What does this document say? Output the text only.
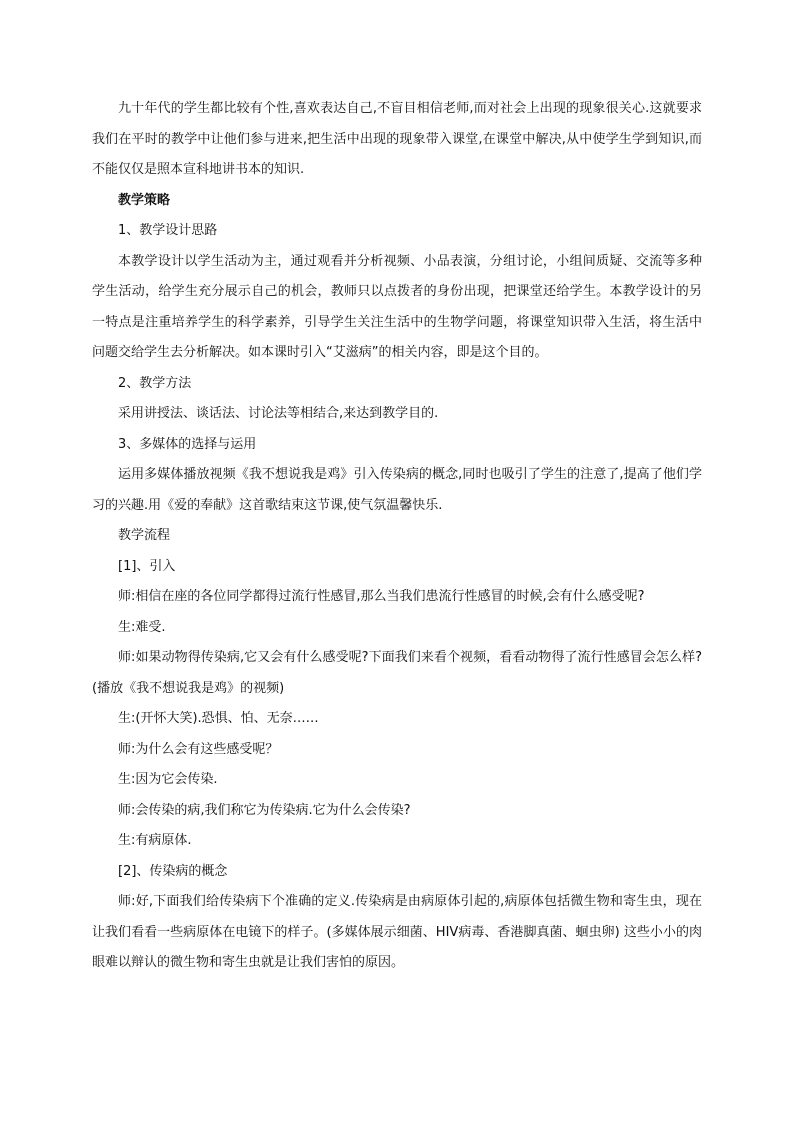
九十年代的学生都比较有个性,喜欢表达自己,不盲目相信老师,而对社会上出现的现象很关心.这就要求我们在平时的教学中让他们参与进来,把生活中出现的现象带入课堂,在课堂中解决,从中使学生学到知识,而不能仅仅是照本宣科地讲书本的知识.

教学策略

1、教学设计思路

本教学设计以学生活动为主，通过观看并分析视频、小品表演，分组讨论，小组间质疑、交流等多种学生活动，给学生充分展示自己的机会，教师只以点拨者的身份出现，把课堂还给学生。本教学设计的另一特点是注重培养学生的科学素养，引导学生关注生活中的生物学问题，将课堂知识带入生活，将生活中问题交给学生去分析解决。如本课时引入“艾滋病”的相关内容，即是这个目的。

2、教学方法

采用讲授法、谈话法、讨论法等相结合,来达到教学目的.

3、多媒体的选择与运用

运用多媒体播放视频《我不想说我是鸡》引入传染病的概念,同时也吸引了学生的注意了,提高了他们学习的兴趣.用《爱的奉献》这首歌结束这节课,使气氛温馨快乐.

教学流程

[1]、引入

师:相信在座的各位同学都得过流行性感冒,那么当我们患流行性感冒的时候,会有什么感受呢?

生:难受.

师:如果动物得传染病,它又会有什么感受呢?下面我们来看个视频，看看动物得了流行性感冒会怎么样?(播放《我不想说我是鸡》的视频)

生:(开怀大笑).恐惧、怕、无奈……

师:为什么会有这些感受呢？

生:因为它会传染.

师:会传染的病,我们称它为传染病.它为什么会传染?

生:有病原体.

[2]、传染病的概念

师:好,下面我们给传染病下个准确的定义.传染病是由病原体引起的,病原体包括微生物和寄生虫，现在让我们看看一些病原体在电镜下的样子。(多媒体展示细菌、HIV病毒、香港脚真菌、蛔虫卵) 这些小小的肉眼难以辩认的微生物和寄生虫就是让我们害怕的原因。
